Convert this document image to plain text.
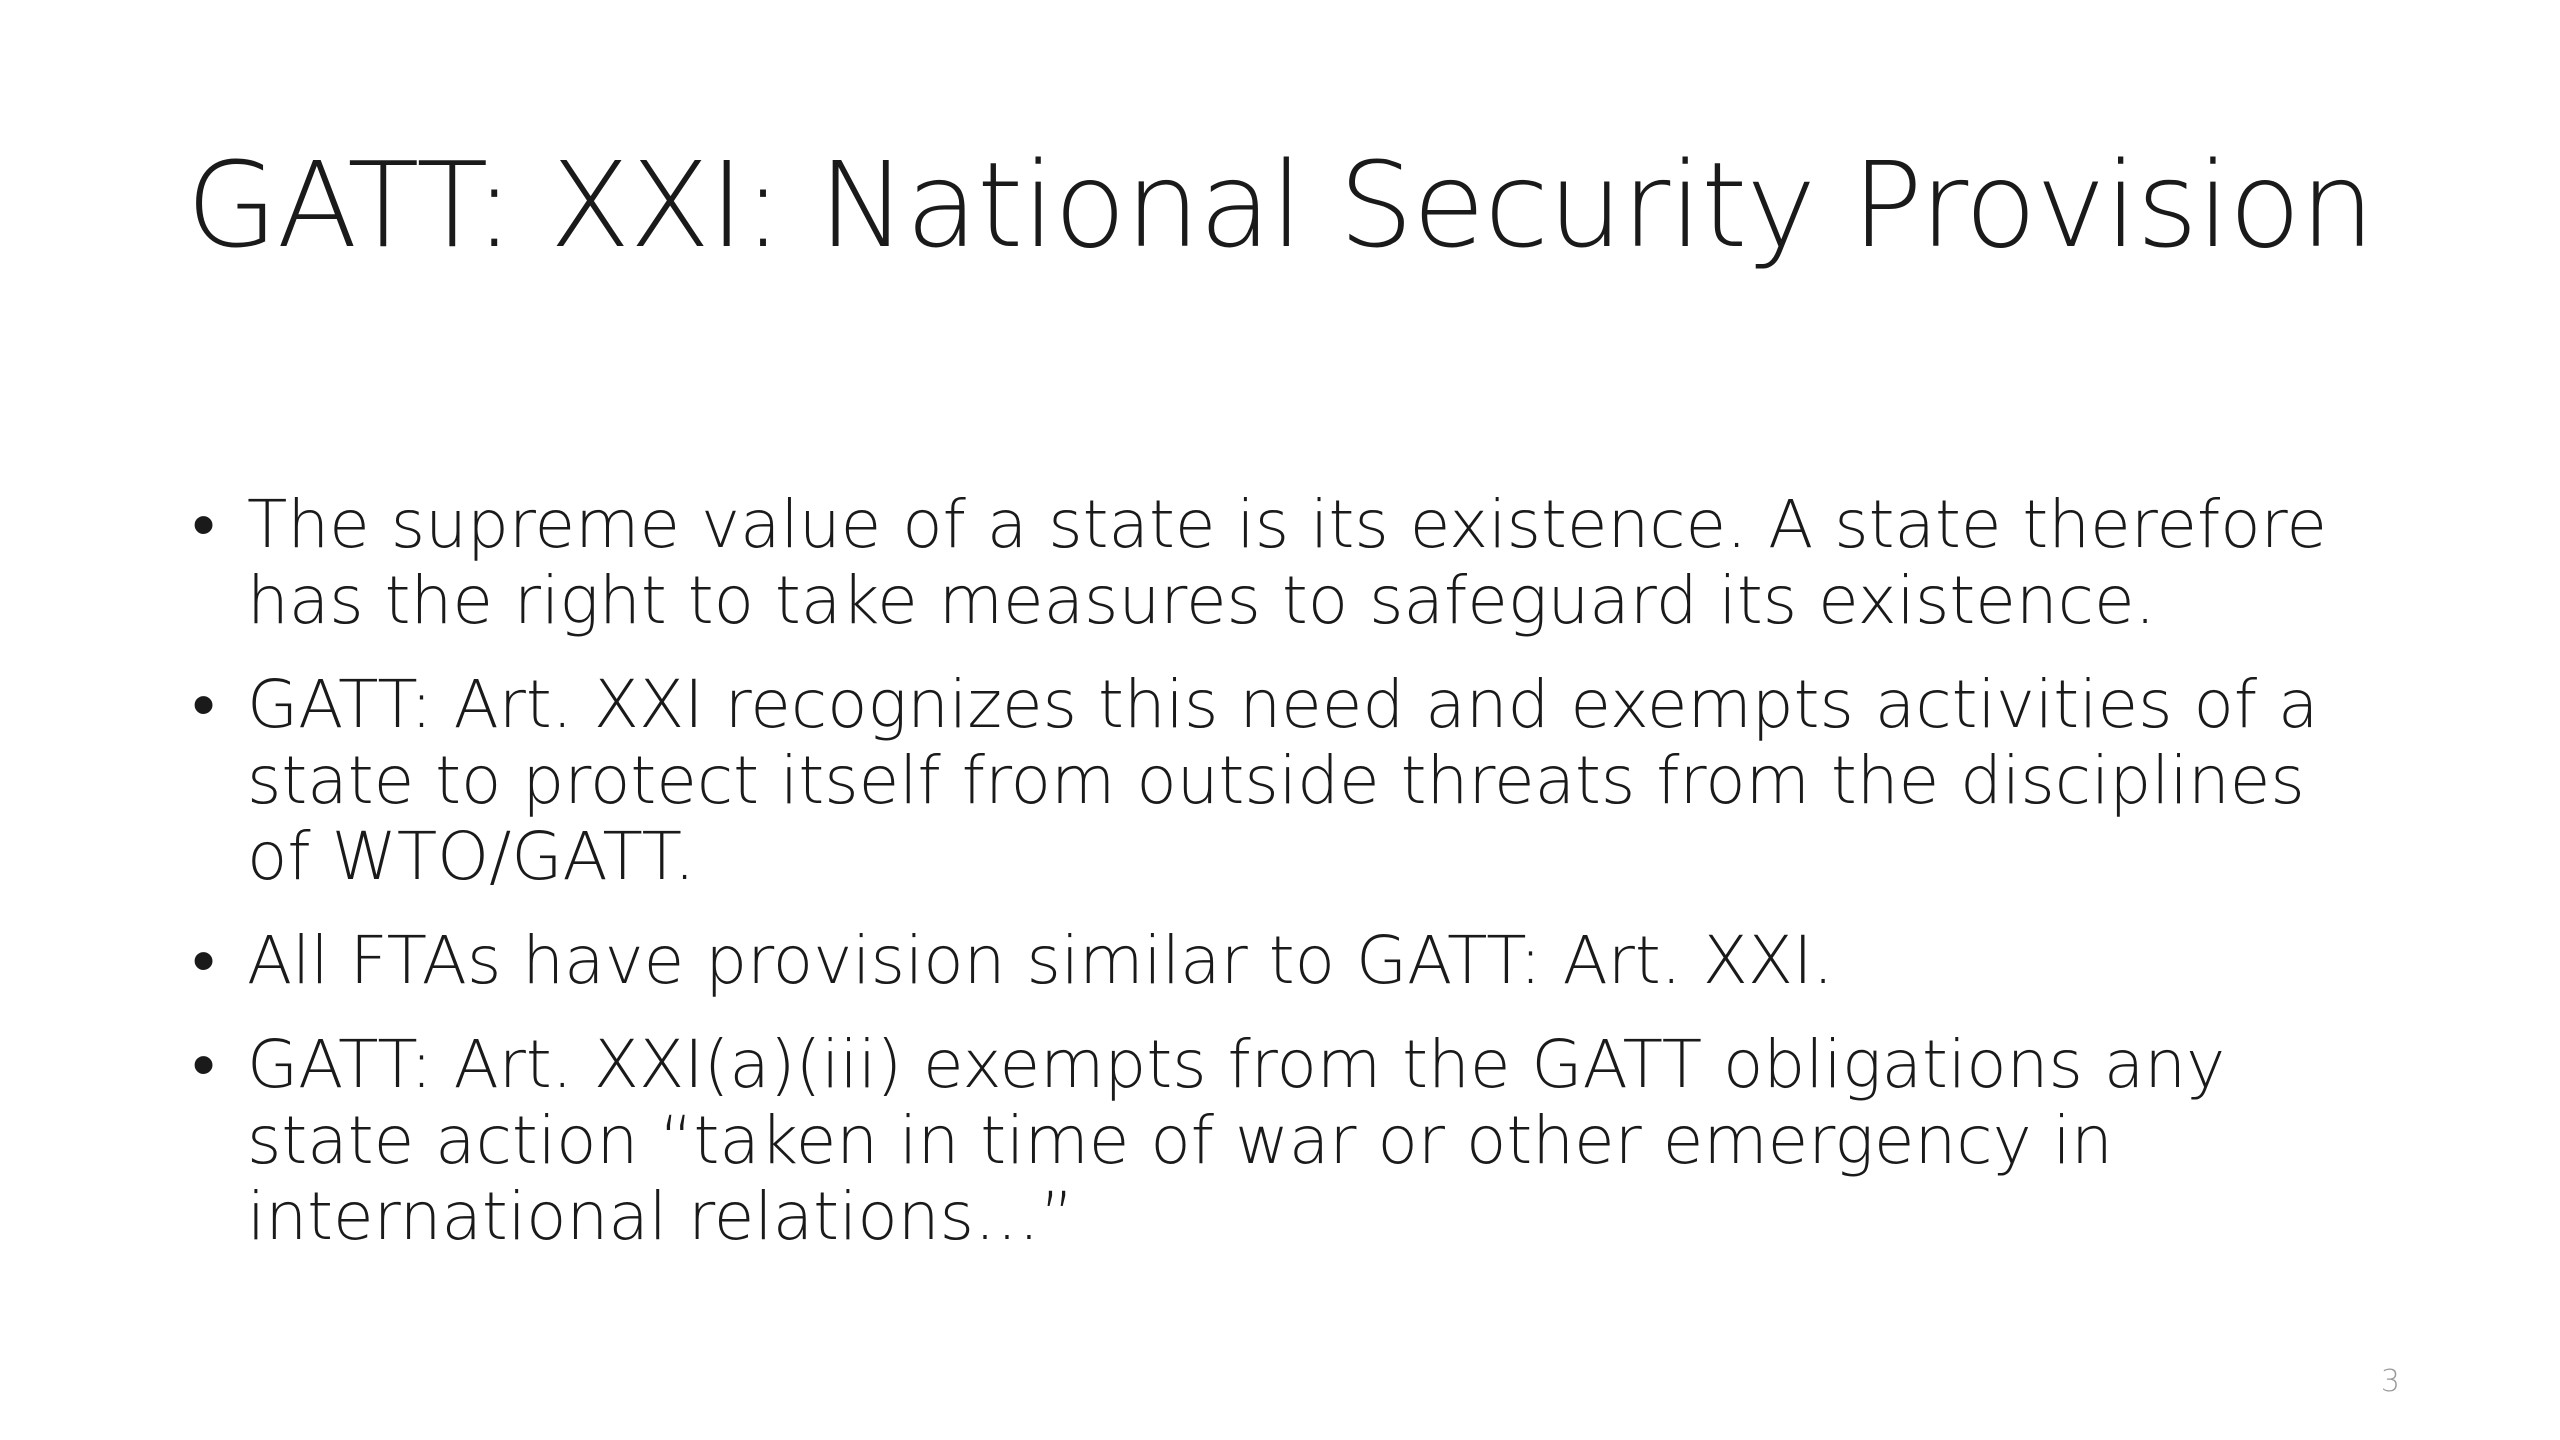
GATT: XXI: National Security Provision
• The supreme value of a state is its existence. A state therefore has the right to take measures to safeguard its existence.
• GATT: Art. XXI recognizes this need and exempts activities of a state to protect itself from outside threats from the disciplines of WTO/GATT.
• All FTAs have provision similar to GATT: Art. XXI.
• GATT: Art. XXI(a)(iii) exempts from the GATT obligations any state action “taken in time of war or other emergency in international relations…”
3
